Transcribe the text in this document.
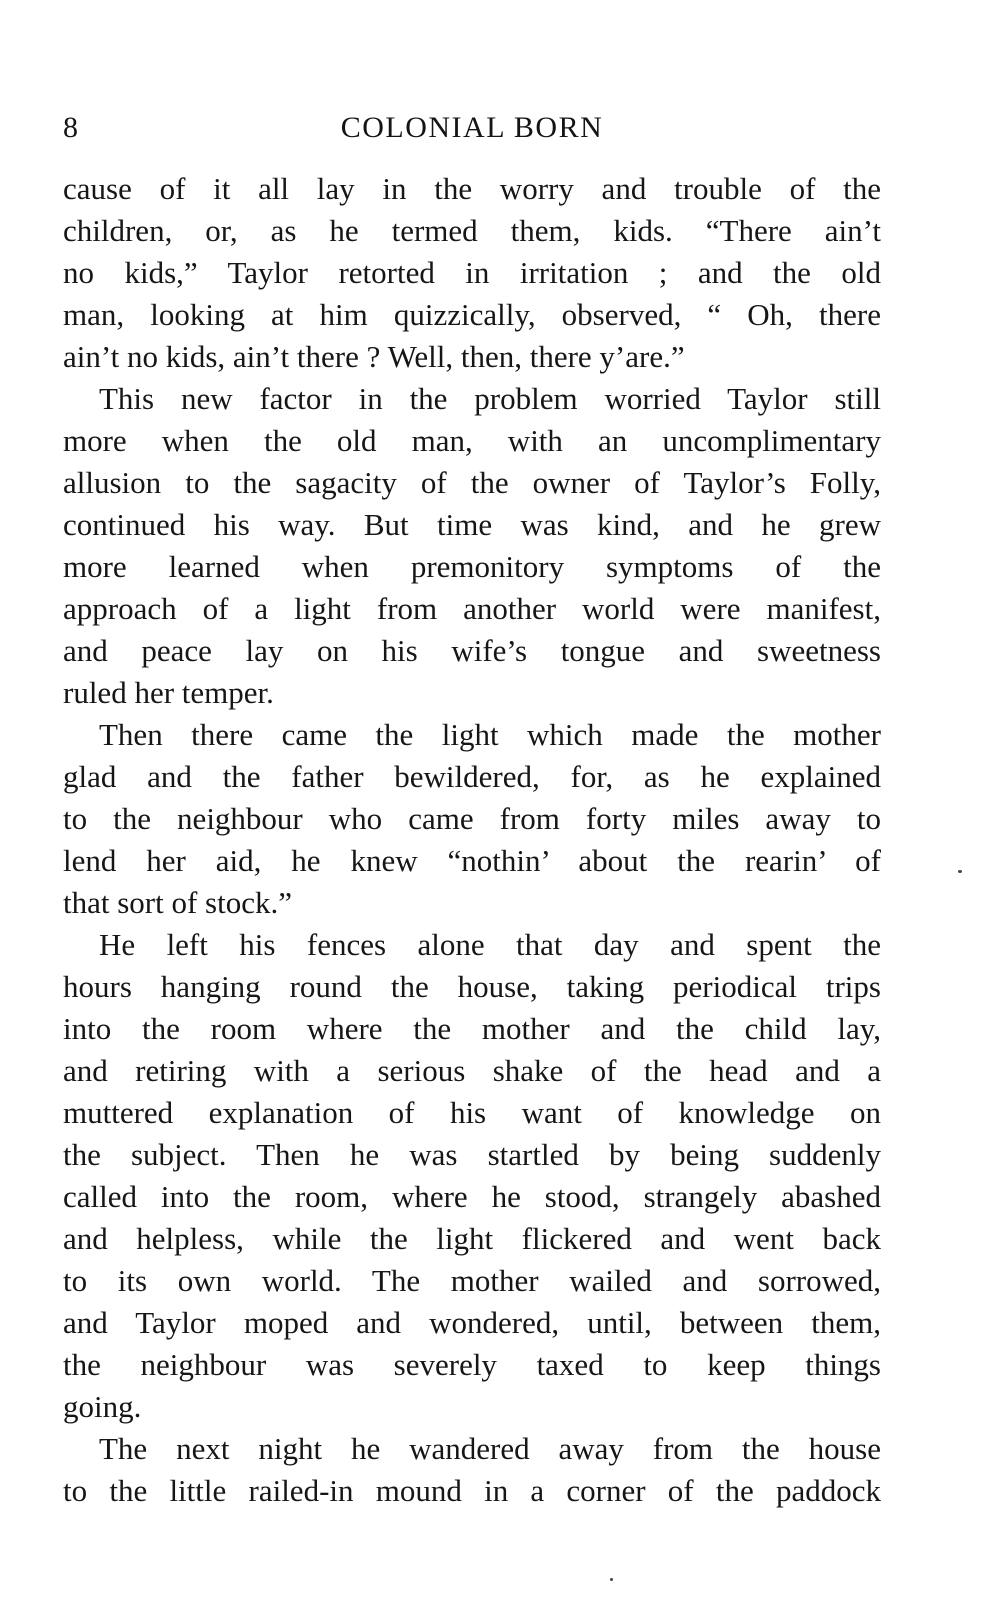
8	COLONIAL BORN
cause of it all lay in the worry and trouble of the
children, or, as he termed them, kids. “There ain’t
no kids,” Taylor retorted in irritation ; and the old
man, looking at him quizzically, observed, “ Oh, there
ain’t no kids, ain’t there ? Well, then, there y’are.”
This new factor in the problem worried Taylor still
more when the old man, with an uncomplimentary
allusion to the sagacity of the owner of Taylor’s Folly,
continued his way. But time was kind, and he grew
more learned when premonitory symptoms of the
approach of a light from another world were manifest,
and peace lay on his wife’s tongue and sweetness
ruled her temper.
Then there came the light which made the mother
glad and the father bewildered, for, as he explained
to the neighbour who came from forty miles away to
lend her aid, he knew “nothin’ about the rearin’ of
that sort of stock.”
He left his fences alone that day and spent the
hours hanging round the house, taking periodical trips
into the room where the mother and the child lay,
and retiring with a serious shake of the head and a
muttered explanation of his want of knowledge on
the subject. Then he was startled by being suddenly
called into the room, where he stood, strangely abashed
and helpless, while the light flickered and went back
to its own world. The mother wailed and sorrowed,
and Taylor moped and wondered, until, between them,
the neighbour was severely taxed to keep things
going.
The next night he wandered away from the house
to the little railed-in mound in a corner of the paddock
